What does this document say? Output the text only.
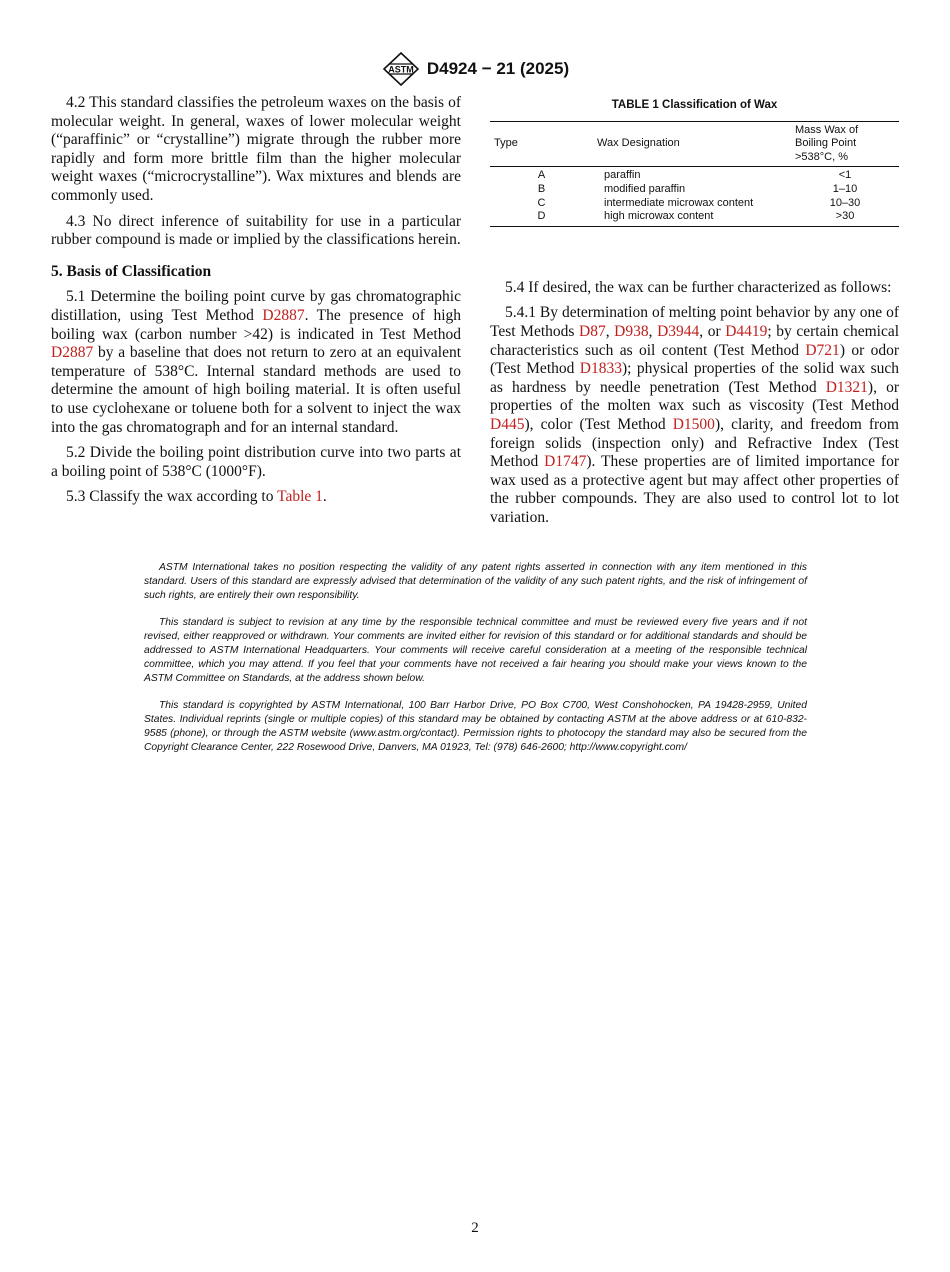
ASTM D4924 − 21 (2025)

4.2 This standard classifies the petroleum waxes on the basis of molecular weight. In general, waxes of lower molecular weight (“paraffinic” or “crystalline”) migrate through the rubber more rapidly and form more brittle film than the higher molecular weight waxes (“microcrystalline”). Wax mixtures and blends are commonly used.

4.3 No direct inference of suitability for use in a particular rubber compound is made or implied by the classifications herein.

5. Basis of Classification

5.1 Determine the boiling point curve by gas chromatographic distillation, using Test Method D2887. The presence of high boiling wax (carbon number >42) is indicated in Test Method D2887 by a baseline that does not return to zero at an equivalent temperature of 538°C. Internal standard methods are used to determine the amount of high boiling material. It is often useful to use cyclohexane or toluene both for a solvent to inject the wax into the gas chromatograph and for an internal standard.

5.2 Divide the boiling point distribution curve into two parts at a boiling point of 538°C (1000°F).

5.3 Classify the wax according to Table 1.

TABLE 1 Classification of Wax
Type	Wax Designation	Mass Wax of
Boiling Point
>538°C, %
A	paraffin	<1
B	modified paraffin	1–10
C	intermediate microwax content	10–30
D	high microwax content	>30

5.4 If desired, the wax can be further characterized as follows:

5.4.1 By determination of melting point behavior by any one of Test Methods D87, D938, D3944, or D4419; by certain chemical characteristics such as oil content (Test Method D721) or odor (Test Method D1833); physical properties of the solid wax such as hardness by needle penetration (Test Method D1321), or properties of the molten wax such as viscosity (Test Method D445), color (Test Method D1500), clarity, and freedom from foreign solids (inspection only) and Refractive Index (Test Method D1747). These properties are of limited importance for wax used as a protective agent but may affect other properties of the rubber compounds. They are also used to control lot to lot variation.

ASTM International takes no position respecting the validity of any patent rights asserted in connection with any item mentioned in this standard. Users of this standard are expressly advised that determination of the validity of any such patent rights, and the risk of infringement of such rights, are entirely their own responsibility.

This standard is subject to revision at any time by the responsible technical committee and must be reviewed every five years and if not revised, either reapproved or withdrawn. Your comments are invited either for revision of this standard or for additional standards and should be addressed to ASTM International Headquarters. Your comments will receive careful consideration at a meeting of the responsible technical committee, which you may attend. If you feel that your comments have not received a fair hearing you should make your views known to the ASTM Committee on Standards, at the address shown below.

This standard is copyrighted by ASTM International, 100 Barr Harbor Drive, PO Box C700, West Conshohocken, PA 19428-2959, United States. Individual reprints (single or multiple copies) of this standard may be obtained by contacting ASTM at the above address or at 610-832-9585 (phone), or through the ASTM website (www.astm.org/contact). Permission rights to photocopy the standard may also be secured from the Copyright Clearance Center, 222 Rosewood Drive, Danvers, MA 01923, Tel: (978) 646-2600; http://www.copyright.com/

2
